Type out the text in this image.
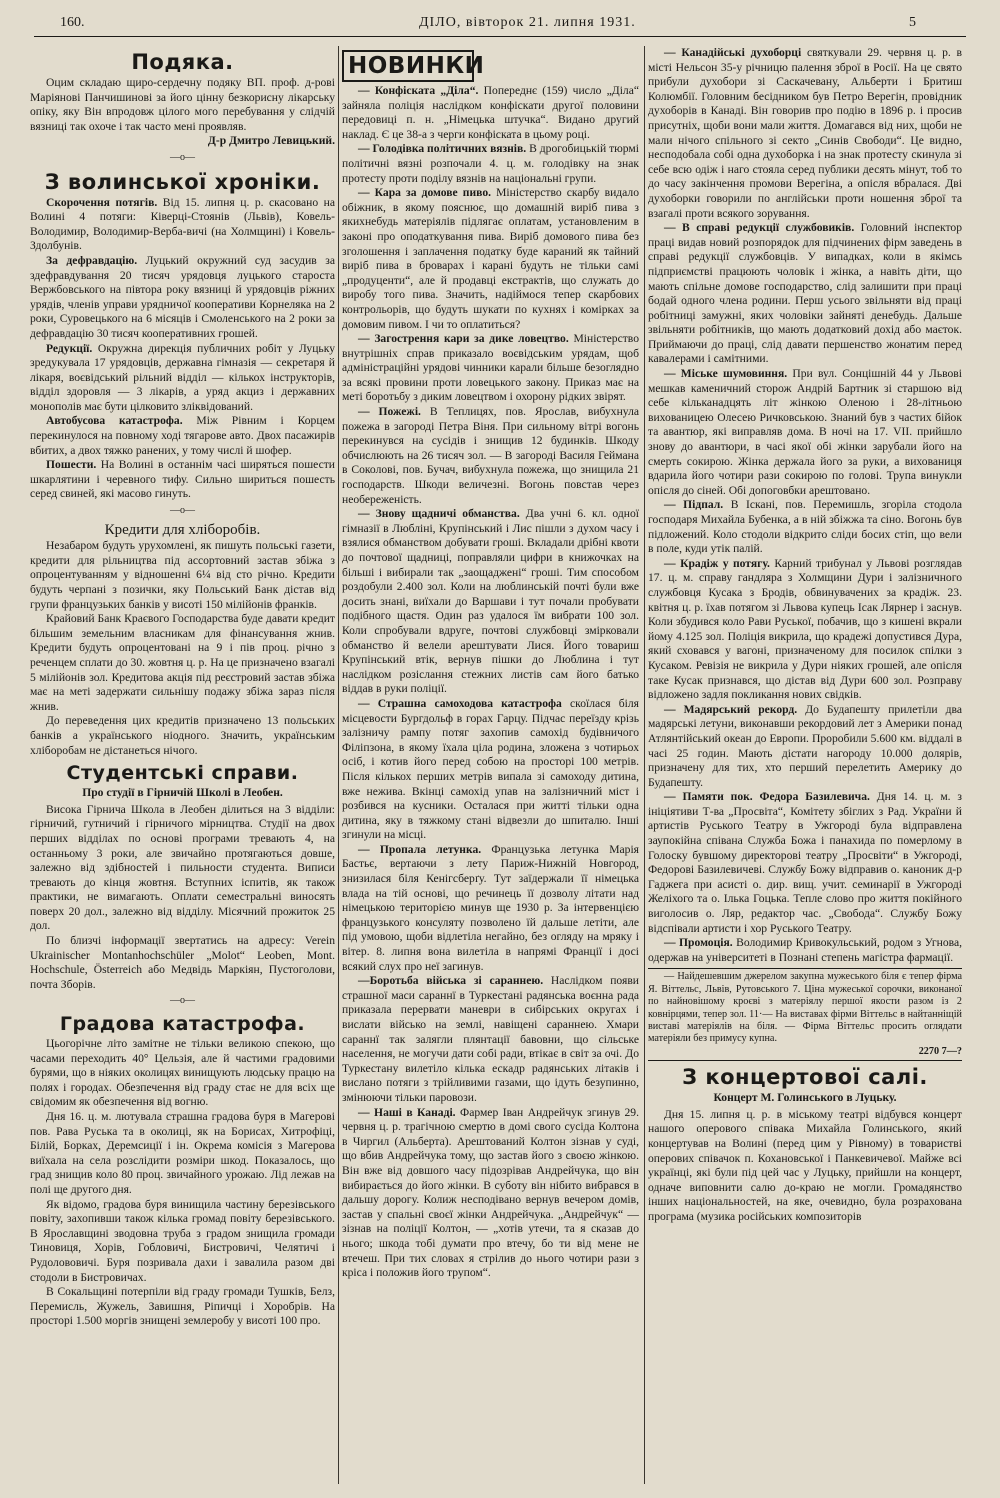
160.	ДІЛО, вівторок 21. липня 1931.	5
Подяка.

Оцим складаю щиро-сердечну подяку ВП. проф. д-рові Маріянові Панчишинові за його цінну безкорисну лікарську опіку, яку Він впродовж цілого мого перебування у слідчій вязниці так охоче і так часто мені проявляв.

Д-р Дмитро Левицький.

—o—
З волинської хроніки.

Скорочення потягів. Від 15. липня ц. р. скасовано на Волині 4 потяги: Ківерці-Стоянів (Львів), Ковель-Володимир, Володимир-Верба-вичі (на Холмщині) і Ковель-Здолбунів.

За дефравдацію. Луцький окружний суд засудив за здефравдування 20 тисяч урядовця луцького староста Вержбовського на півтора року вязниці й урядовців ріжних урядів, членів управи урядничої кооперативи Корнеляка на 2 роки, Суровецького на 6 місяців і Смоленського на 2 роки за дефравдацію 30 тисяч кооперативних грошей.

Редукції. Окружна дирекція публичних робіт у Луцьку зредукувала 17 урядовців, державна гімназія — секретаря й лікаря, воєвідський рільний відділ — кількох інструкторів, відділ здоровля — 3 лікарів, а уряд акциз і державних монополів має бути цілковито зліквідований.

Автобусова катастрофа. Між Рівним і Корцем перекинулося на повному ході тягарове авто. Двох пасажирів вбитих, а двох тяжко ранених, у тому числі й шофер.

Пошести. На Волині в останнім часі ширяться пошести шкарлятини і черевного тифу. Сильно шириться пошесть серед свиней, які масово гинуть.

—o—
Кредити для хліборобів.

Незабаром будуть урухомлені, як пишуть польські газети, кредити для рільництва під ассортовний застав збіжа з опроцентуванням у відношенні 6¼ від сто річно. Кредити будуть черпані з позички, яку Польський Банк дістав від групи французьких банків у висоті 150 мілійонів франків.

Крайовий Банк Краєвого Господарства буде давати кредит більшим земельним власникам для фінансування жнив. Кредити будуть опроцентовані на 9 і пів проц. річно з реченцем сплати до 30. жовтня ц. р. На це призначено взагалі 5 мілійонів зол. Кредитова акція під реєстровий застав збіжа має на меті задержати сильнішу подажу збіжа зараз після жнив.

До переведення цих кредитів призначено 13 польських банків а українського ніодного. Значить, українським хліборобам не дістанеться нічого.

Студентські справи.
Про студії в Гірничій Школі в Леобен.

Висока Гірнича Школа в Леобен ділиться на 3 відділи: гірничий, гутничий і гірничого мірництва. Студії на двох перших відділах по основі програми тревають 4, на останньому 3 роки, але звичайно протягаються довше, залежно від здібностей і пильности студента. Виписи тревають до кінця жовтня. Вступних іспитів, як також практики, не вимагають. Оплати семестральні виносять поверх 20 дол., залежно від відділу. Місячний прожиток 25 дол.

По близчі інформації звертатись на адресу: Verein Ukrainischer Montanhochschüler „Molot“ Leoben, Mont. Hochschule, Österreich або Медвідь Маркіян, Пустоголови, почта Зборів.

—o—
Градова катастрофа.

Цьогорічне літо замітне не тільки великою спекою, що часами переходить 40° Цельзія, але й частими градовими бурями, що в ніяких околицях винищують людську працю на полях і городах. Обезпечення від граду стає не для всіх ще свідомим як обезпечення від вогню.

Дня 16. ц. м. лютувала страшна градова буря в Магерові пов. Рава Руська та в околиці, як на Борисах, Хитрофіці, Білій, Борках, Деремсиції і ін. Окрема комісія з Магерова виїхала на села розслідити розміри шкод. Показалось, що град знищив коло 80 проц. звичайного урожаю. Лід лежав на полі ще другого дня.

Як відомо, градова буря винищила частину березівського повіту, захопивши також кілька громад повіту березівського. В Ярославщині зводовна труба з градом знищила громади Тиновиця, Хорів, Гобловичі, Бистровичі, Челятичі і Рудолововичі. Буря позривала дахи і завалила разом дві стодоли в Бистровичах.

В Сокальщині потерпіли від граду громади Тушків, Белз, Перемисль, Жужель, Завишня, Ріпичці і Хоробрів. На просторі 1.500 моргів знищені землеробу у висоті 100 про.

НОВИНКИ

— Конфіската „Діла“. Попереднє (159) число „Діла“ зайняла поліція наслідком конфіскати другої половини передовиці п. н. „Німецька штучка“. Видано другий наклад. Є це 38-а з черги конфіската в цьому році.

— Голодівка політичних вязнів. В дрогобицькій тюрмі політичні вязні розпочали 4. ц. м. голодівку на знак протесту проти поділу вязнів на національні групи.

— Кара за домове пиво. Міністерство скарбу видало обіжник, в якому пояснює, що домашній виріб пива з якихнебудь матеріялів підлягає оплатам, установленим в законі про оподаткування пива. Виріб домового пива без зголошення і заплачення податку буде караний як тайний виріб пива в броварах і карані будуть не тільки самі „продуценти“, але й продавці екстрактів, що служать до виробу того пива. Значить, надіймося тепер скарбових контрольорів, що будуть шукати по кухнях і комірках за домовим пивом. І чи то оплатиться?

— Загострення кари за дике ловецтво. Міністерство внутрішніх справ приказало воєвідським урядам, щоб адміністраційні урядові чинники карали більше безоглядно за всякі провини проти ловецького закону. Приказ має на меті боротьбу з диким ловецтвом і охорону рідких звірят.

— Пожежі. В Теплицях, пов. Ярослав, вибухнула пожежа в загороді Петра Віня. При сильному вітрі вогонь перекинувся на сусідів і знищив 12 будинків. Шкоду обчислюють на 26 тисяч зол. — В загороді Василя Геймана в Соколові, пов. Бучач, вибухнула пожежа, що знищила 21 господарств. Шкоди величезні. Вогонь повстав через необереженість.

— Знову щадничі обманства. Два учні 6. кл. одної гімназії в Любліні, Крупінський і Лис пішли з духом часу і взялися обманством добувати гроші. Вкладали дрібні квоти до почтової щадниці, поправляли цифри в книжочках на більші і вибирали так „заощаджені“ гроші. Тим способом роздобули 2.400 зол. Коли на люблинській почті були вже досить знані, виїхали до Варшави і тут почали пробувати подібного щастя. Один раз удалося їм вибрати 100 зол. Коли спробували вдруге, почтові службовці змірковали обманство й велели арештувати Лися. Його товариш Крупінський втік, вернув пішки до Люблина і тут наслідком розіслання стежних листів сам його батько віддав в руки поліції.

— Страшна самоходова катастрофа скоїлася біля місцевости Бургдольф в горах Гарцу. Підчас переїзду крізь залізничу рампу потяг захопив самохід будівничого Філіпзона, в якому їхала ціла родина, зложена з чотирьох осіб, і котив його перед собою на просторі 100 метрів. Після кількох перших метрів випала зі самоходу дитина, вже нежива. Вкінці самохід упав на залізничний міст і розбився на кусники. Осталася при житті тільки одна дитина, яку в тяжкому стані відвезли до шпиталю. Інші згинули на місці.

— Пропала летунка. Французька летунка Марія Бастьє, вертаючи з лету Париж-Нижній Новгород, знизилася біля Кенігсберґу. Тут заїдержали її німецька влада на тій основі, що речинець її дозволу літати над німецькою територією минув ще 1930 р. За інтервенцією французького консуляту позволено їй дальше летіти, але під умовою, щоби відлетіла негайно, без огляду на мряку і вітер. 8. липня вона вилетіла в напрямі Франції і досі всякий слух про неї загинув.

—Боротьба війська зі сараннею. Наслідком появи страшної маси сараннї в Туркестані радянська воєнна рада приказала перервати маневри в сибірських округах і вислати військо на землі, навіщені сараннею. Хмари сараннї так залягли плянтації бавовни, що сільське населення, не могучи дати собі ради, втікає в світ за очі. До Туркестану вилетіло кілька ескадр радянських літаків і вислано потяги з трійливими газами, що ідуть безупинно, змінюючи тільки паровози.

— Наші в Канаді. Фармер Іван Андрейчук згинув 29. червня ц. р. трагічною смертю в домі свого сусіда Колтона в Чиргил (Альберта). Арештований Колтон зізнав у суді, що вбив Андрейчука тому, що застав його з своєю жінкою. Він вже від довшого часу підозрівав Андрейчука, що він вибирається до його жінки. В суботу він нібито вибрався в дальшу дорогу. Колиж несподівано вернув вечером домів, застав у спальні своєї жінки Андрейчука. „Андрейчук“ — зізнав на поліції Колтон, — „хотів утечи, та я сказав до нього; шкода тобі думати про втечу, бо ти від мене не втечеш. При тих словах я стрілив до нього чотири рази з кріса і положив його трупом“.

— Канадійські духоборці святкували 29. червня ц. р. в місті Нельсон 35-у річницю палення зброї в Росії. На це свято прибули духобори зі Саскачевану, Альберти і Бритиш Колюмбії. Головним бесідником був Петро Верегін, провідник духоборів в Канаді. Він говорив про подію в 1896 р. і просив присутніх, щоби вони мали життя. Домагався від них, щоби не мали нічого спільного зі секто „Синів Свободи“. Це видно, несподобала собі одна духоборка і на знак протесту скинула зі себе всю одіж і наго стояла серед публики десять мінут, тоб то до часу закінчення промови Верегіна, а опісля вбралася. Дві духоборки говорили по англійськи проти ношення зброї та взагалі проти всякого зорування.

— В справі редукції службовиків. Головний інспектор праці видав новий розпорядок для підчинених фірм заведень в справі редукції службовців. У випадках, коли в якімсь підприємстві працюють чоловік і жінка, а навіть діти, що мають спільне домове господарство, слід залишити при праці бодай одного члена родини. Перш усього звільняти від праці робітниці замужні, яких чоловіки зайняті денебудь. Дальше звільняти робітників, що мають додатковий дохід або маєток. Приймаючи до праці, слід давати першенство жонатим перед кавалерами і самітними.

— Міське шумовиння. При вул. Сонцішній 44 у Львові мешкав каменичний сторож Андрій Бартник зі старшою від себе кільканадцять літ жінкою Оленою і 28-літньою вихованицею Олесею Ричковською. Знаний був з частих бійок та авантюр, які виправляв дома. В ночі на 17. VII. прийшло знову до авантюри, в часі якої обі жінки зарубали його на смерть сокирою. Жінка держала його за руки, а вихованиця вдарила його чотири рази сокирою по голові. Трупа винукли опісля до сіней. Обі допоговбки арештовано.

— Підпал. В Іскані, пов. Перемишль, згоріла стодола господаря Михайла Бубенка, а в ній збіжжа та сіно. Вогонь був підложений. Коло стодоли відкрито сліди босих стіп, що вели в поле, куди утік палій.

— Крадіж у потягу. Карний трибунал у Львові розглядав 17. ц. м. справу гандляра з Холмщини Дури і залізничного службовця Кусака з Бродів, обвинувачених за крадіж. 23. квітня ц. р. їхав потягом зі Львова купець Ісак Лярнер і заснув. Коли збудився коло Рави Руської, побачив, що з кишені вкрали йому 4.125 зол. Поліція викрила, що крадежі допустився Дура, який сховався у вагоні, призначеному для посилок спілки з Кусаком. Ревізія не викрила у Дури ніяких грошей, але опісля таке Кусак признався, що дістав від Дури 600 зол. Розправу відложено задля покликання нових свідків.

— Мадярський рекорд. До Будапешту прилетіли два мадярські летуни, виконавши рекордовий лет з Америки понад Атлянтійський океан до Европи. Проробили 5.600 км. віддалі в часі 25 годин. Мають дістати нагороду 10.000 долярів, призначену для тих, хто перший перелетить Америку до Будапешту.

— Памяти пок. Федора Базилевича. Дня 14. ц. м. з ініціятиви Т-ва „Просвіта“, Комітету збіглих з Рад. України й артистів Руського Театру в Ужгороді була відправлена заупокійна співана Служба Божа і панахида по померлому в Голоску бувшому директорові театру „Просвіти“ в Ужгороді, Федорові Базилевичеві. Службу Божу відправив о. каноник д-р Гаджега при асисті о. дир. вищ. учит. семинарії в Ужгороді Желіхого та о. Ілька Гоцька. Тепле слово про життя покійного виголосив о. Ляр, редактор час. „Свобода“. Службу Божу відспівали артисти і хор Руського Театру.

— Промоція. Володимир Кривокульський, родом з Угнова, одержав на університеті в Познані степень магістра фармації.

— Найдешевшим джерелом закупна мужеського біля є тепер фірма Я. Віттельс, Львів, Рутовського 7. Ціна мужеської сорочки, виконаної по найновішому кроєві з матеріялу першої якости разом із 2 ковнірцями, тепер зол. 11·— На виставах фірми Віттельс в найтанніщій виставі матеріялів на біля. — Фірма Віттельс просить оглядати матеріяли без примусу купна.

2270 7—?
З концертової салі.
Концерт М. Голинського в Луцьку.

Дня 15. липня ц. р. в міському театрі відбувся концерт нашого оперового співака Михайла Голинського, який концертував на Волині (перед цим у Рівному) в товаристві оперових співачок п. Кохановської і Панкевичевої. Майже всі українці, які були під цей час у Луцьку, прийшли на концерт, одначе виповнити салю до-краю не могли. Громадянство інших національностей, на яке, очевидно, була розрахована програма (музика російських композиторів
